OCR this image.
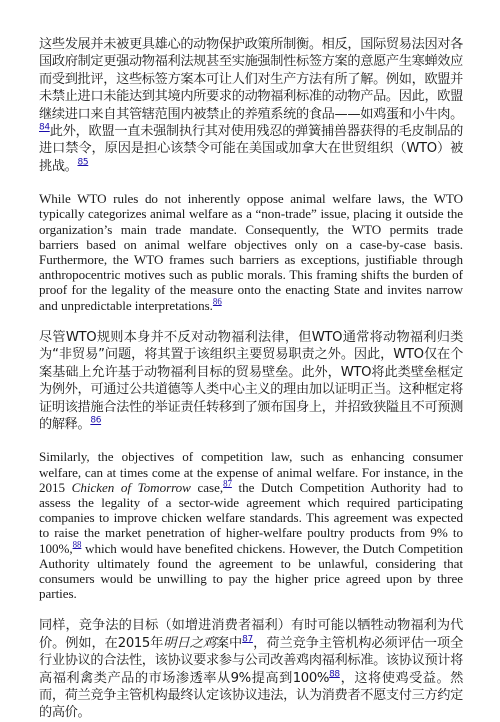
这些发展并未被更具雄心的动物保护政策所制衡。相反，国际贸易法因对各国政府制定更强动物福利法规甚至实施强制性标签方案的意愿产生寒蝉效应而受到批评，这些标签方案本可让人们对生产方法有所了解。例如，欧盟并未禁止进口未能达到其境内所要求的动物福利标准的动物产品。因此，欧盟继续进口来自其管辖范围内被禁止的养殖系统的食品——如鸡蛋和小牛肉。$^{84}$此外，欧盟一直未强制执行其对使用残忍的弹簧捕兽器获得的毛皮制品的进口禁令，原因是担心该禁令可能在美国或加拿大在世贸组织（WTO）被挑战。$^{85}$

While WTO rules do not inherently oppose animal welfare laws, the WTO typically categorizes animal welfare as a “non-trade” issue, placing it outside the organization’s main trade mandate. Consequently, the WTO permits trade barriers based on animal welfare objectives only on a case-by-case basis. Furthermore, the WTO frames such barriers as exceptions, justifiable through anthropocentric motives such as public morals. This framing shifts the burden of proof for the legality of the measure onto the enacting State and invites narrow and unpredictable interpretations.$^{86}$

尽管WTO规则本身并不反对动物福利法律，但WTO通常将动物福利归类为“非贸易”问题，将其置于该组织主要贸易职责之外。因此，WTO仅在个案基础上允许基于动物福利目标的贸易壁垒。此外，WTO将此类壁垒框定为例外，可通过公共道德等人类中心主义的理由加以证明正当。这种框定将证明该措施合法性的举证责任转移到了颁布国身上，并招致狭隘且不可预测的解释。$^{86}$

Similarly, the objectives of competition law, such as enhancing consumer welfare, can at times come at the expense of animal welfare. For instance, in the 2015 Chicken of Tomorrow case,$^{87}$ the Dutch Competition Authority had to assess the legality of a sector-wide agreement which required participating companies to improve chicken welfare standards. This agreement was expected to raise the market penetration of higher-welfare poultry products from 9% to 100%,$^{88}$ which would have benefited chickens. However, the Dutch Competition Authority ultimately found the agreement to be unlawful, considering that consumers would be unwilling to pay the higher price agreed upon by three parties.

同样，竞争法的目标（如增进消费者福利）有时可能以牺牲动物福利为代价。例如，在2015年明日之鸡案中$^{87}$，荷兰竞争主管机构必须评估一项全行业协议的合法性，该协议要求参与公司改善鸡肉福利标准。该协议预计将高福利禽类产品的市场渗透率从9%提高到100%$^{88}$，这将使鸡受益。然而，荷兰竞争主管机构最终认定该协议违法，认为消费者不愿支付三方约定的高价。
